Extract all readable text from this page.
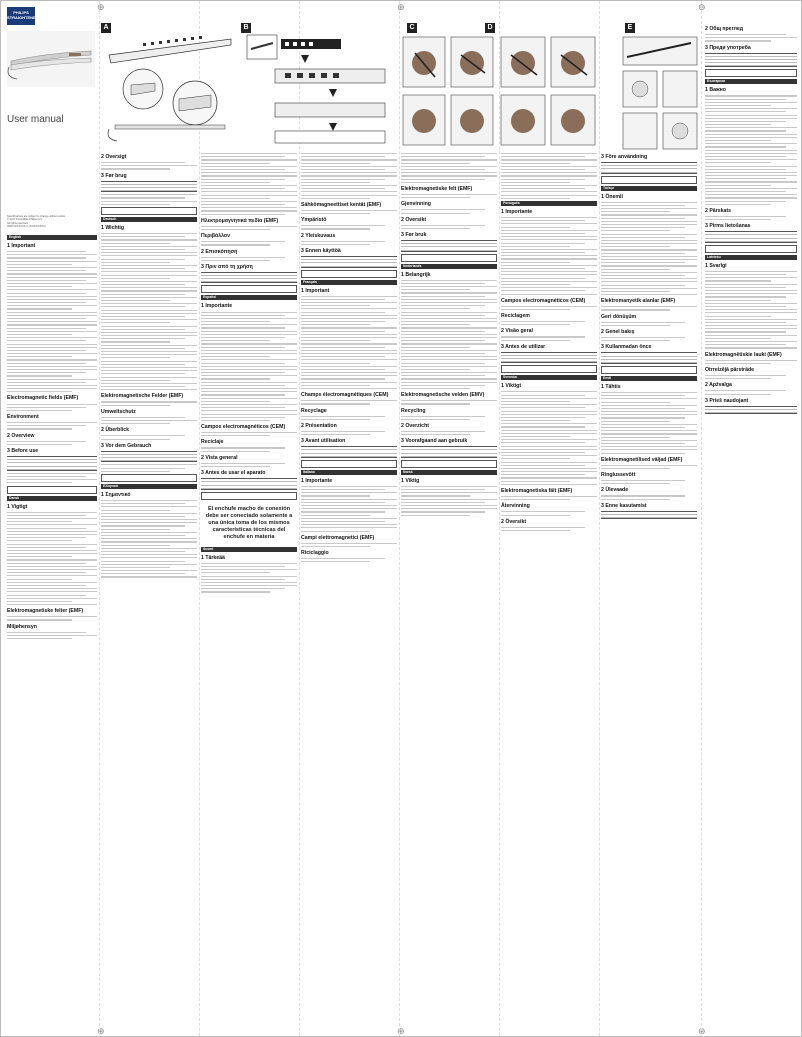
⊕	⊕	⊕
⊕	⊕	⊕
PHILIPS
STRAIGHTENER
User manual
Specifications are subject to change without notice
© 2017 Koninklijke Philips N.V.
All rights reserved.
3000.015.XXXX.X (XX/XX/XXXX)
A	B	C	D	E
English
1 Important
Electromagnetic fields (EMF)
Environment
2 Overview
3 Before use
Dansk
1 Vigtigt
Elektromagnetiske felter (EMF)
Miljøhensyn
2 Oversigt
3 Før brug
Deutsch
1 Wichtig
Elektromagnetische Felder (EMF)
Umweltschutz
2 Überblick
3 Vor dem Gebrauch
Ελληνικά
1 Σημαντικό
Ηλεκτρομαγνητικά πεδία (EMF)
Περιβάλλον
2 Επισκόπηση
3 Πριν από τη χρήση
Español
1 Importante
Campos electromagnéticos (CEM)
Reciclaje
2 Vista general
3 Antes de usar el aparato
El enchufe macho de conexión debe ser conectado solamente a una única toma de los mismos características técnicas del enchufe en materia
Suomi
1 Tärkeää
Sähkömagneettiset kentät (EMF)
Ympäristö
2 Yleiskuvaus
3 Ennen käyttöä
Français
1 Important
Champs électromagnétiques (CEM)
Recyclage
2 Présentation
3 Avant utilisation
Italiano
1 Importante
Campi elettromagnetici (EMF)
Riciclaggio
Elektromagnetiske felt (EMF)
Gjenvinning
2 Oversikt
3 Før bruk
Nederlands
1 Belangrijk
Elektromagnetische velden (EMV)
Recycling
2 Overzicht
3 Voorafgaand aan gebruik
Norsk
1 Viktig
Português
1 Importante
Campos electromagnéticos (CEM)
Reciclagem
2 Visão geral
3 Antes de utilizar
Svenska
1 Viktigt
Elektromagnetiska fält (EMF)
Återvinning
2 Översikt
3 Före användning
Türkçe
1 Önemli
Elektromanyetik alanlar (EMF)
Geri dönüşüm
2 Genel bakış
3 Kullanmadan önce
Eesti
1 Tähtis
Elektromagnetilised väljad (EMF)
Ringlussevõtt
2 Ülevaade
3 Enne kasutamist
2 Общ преглед
3 Преди употреба
Български
1 Важно
2 Pārskats
3 Pirms lietošanas
Latviešu
1 Svarīgi
Elektromagnētiskie lauki (EMF)
Otrreizējā pārstrāde
2 Apžvalga
3 Prieš naudojant
